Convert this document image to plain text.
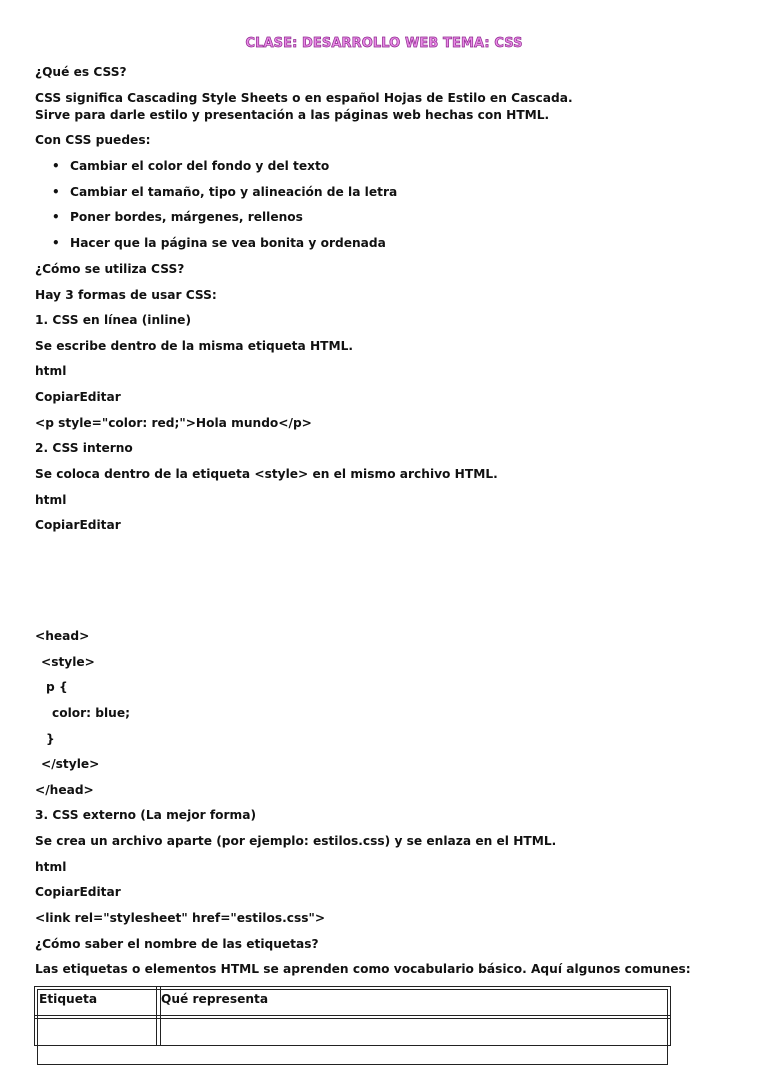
CLASE: DESARROLLO WEB TEMA: CSS
¿Qué es CSS?
CSS significa Cascading Style Sheets o en español Hojas de Estilo en Cascada.
Sirve para darle estilo y presentación a las páginas web hechas con HTML.
Con CSS puedes:
• Cambiar el color del fondo y del texto
• Cambiar el tamaño, tipo y alineación de la letra
• Poner bordes, márgenes, rellenos
• Hacer que la página se vea bonita y ordenada
¿Cómo se utiliza CSS?
Hay 3 formas de usar CSS:
1. CSS en línea (inline)
Se escribe dentro de la misma etiqueta HTML.
html
CopiarEditar
<p style="color: red;">Hola mundo</p>
2. CSS interno
Se coloca dentro de la etiqueta <style> en el mismo archivo HTML.
html
CopiarEditar
<head>
<style>
p {
color: blue;
}
</style>
</head>
3. CSS externo (La mejor forma)
Se crea un archivo aparte (por ejemplo: estilos.css) y se enlaza en el HTML.
html
CopiarEditar
<link rel="stylesheet" href="estilos.css">
¿Cómo saber el nombre de las etiquetas?
Las etiquetas o elementos HTML se aprenden como vocabulario básico. Aquí algunos comunes:
Etiqueta	Qué representa
